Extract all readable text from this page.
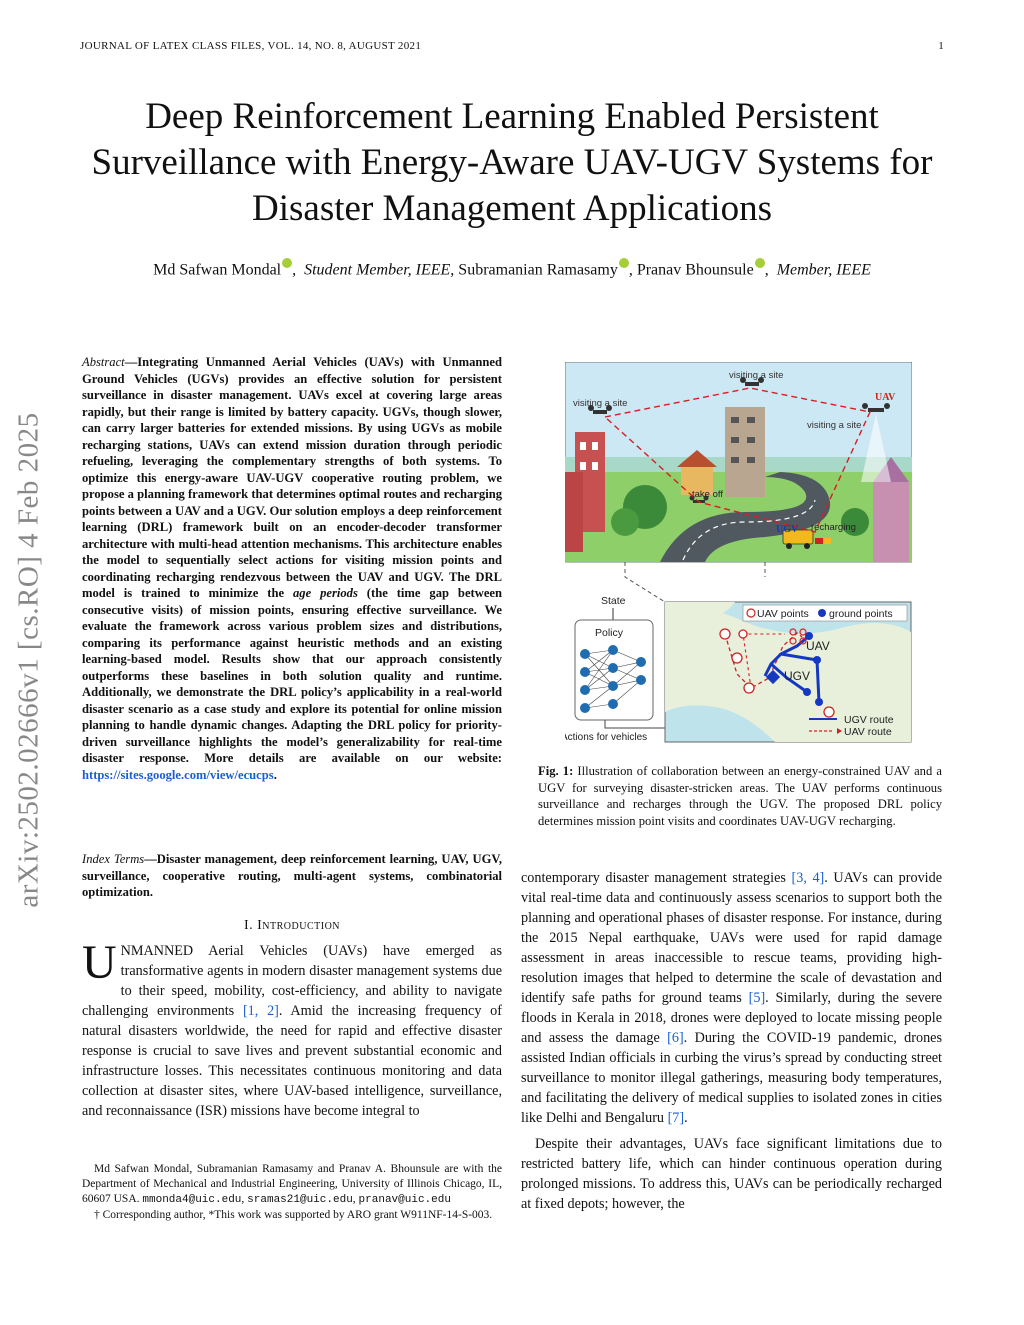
JOURNAL OF LATEX CLASS FILES, VOL. 14, NO. 8, AUGUST 2021	1
Deep Reinforcement Learning Enabled Persistent Surveillance with Energy-Aware UAV-UGV Systems for Disaster Management Applications
Md Safwan Mondal ,  Student Member, IEEE, Subramanian Ramasamy , Pranav Bhounsule ,  Member, IEEE
arXiv:2502.02666v1 [cs.RO] 4 Feb 2025
Abstract—Integrating Unmanned Aerial Vehicles (UAVs) with Unmanned Ground Vehicles (UGVs) provides an effective solution for persistent surveillance in disaster management. UAVs excel at covering large areas rapidly, but their range is limited by battery capacity. UGVs, though slower, can carry larger batteries for extended missions. By using UGVs as mobile recharging stations, UAVs can extend mission duration through periodic refueling, leveraging the complementary strengths of both systems. To optimize this energy-aware UAV-UGV cooperative routing problem, we propose a planning framework that determines optimal routes and recharging points between a UAV and a UGV. Our solution employs a deep reinforcement learning (DRL) framework built on an encoder-decoder transformer architecture with multi-head attention mechanisms. This architecture enables the model to sequentially select actions for visiting mission points and coordinating recharging rendezvous between the UAV and UGV. The DRL model is trained to minimize the age periods (the time gap between consecutive visits) of mission points, ensuring effective surveillance. We evaluate the framework across various problem sizes and distributions, comparing its performance against heuristic methods and an existing learning-based model. Results show that our approach consistently outperforms these baselines in both solution quality and runtime. Additionally, we demonstrate the DRL policy’s applicability in a real-world disaster scenario as a case study and explore its potential for online mission planning to handle dynamic changes. Adapting the DRL policy for priority-driven surveillance highlights the model’s generalizability for real-time disaster response. More details are available on our website: https://sites.google.com/view/ecucps.
Index Terms—Disaster management, deep reinforcement learning, UAV, UGV, surveillance, cooperative routing, multi-agent systems, combinatorial optimization.
I. Introduction
UNMANNED Aerial Vehicles (UAVs) have emerged as transformative agents in modern disaster management systems due to their speed, mobility, cost-efficiency, and ability to navigate challenging environments [1, 2]. Amid the increasing frequency of natural disasters worldwide, the need for rapid and effective disaster response is crucial to save lives and prevent substantial economic and infrastructure losses. This necessitates continuous monitoring and data collection at disaster sites, where UAV-based intelligence, surveillance, and reconnaissance (ISR) missions have become integral to
Md Safwan Mondal, Subramanian Ramasamy and Pranav A. Bhounsule are with the Department of Mechanical and Industrial Engineering, University of Illinois Chicago, IL, 60607 USA. mmonda4@uic.edu, sramas21@uic.edu, pranav@uic.edu
† Corresponding author, *This work was supported by ARO grant W911NF-14-S-003.
visiting a site
visiting a site
visiting a site
UAV
take off
UGV recharging
State
Policy
Actions for vehicles
UAV points ground points
UAV
UGV
UGV route
UAV route
Fig. 1: Illustration of collaboration between an energy-constrained UAV and a UGV for surveying disaster-stricken areas. The UAV performs continuous surveillance and recharges through the UGV. The proposed DRL policy determines mission point visits and coordinates UAV-UGV recharging.

contemporary disaster management strategies [3, 4]. UAVs can provide vital real-time data and continuously assess scenarios to support both the planning and operational phases of disaster response. For instance, during the 2015 Nepal earthquake, UAVs were used for rapid damage assessment in areas inaccessible to rescue teams, providing high-resolution images that helped to determine the scale of devastation and identify safe paths for ground teams [5]. Similarly, during the severe floods in Kerala in 2018, drones were deployed to locate missing people and assess the damage [6]. During the COVID-19 pandemic, drones assisted Indian officials in curbing the virus’s spread by conducting street surveillance to monitor illegal gatherings, measuring body temperatures, and facilitating the delivery of medical supplies to isolated zones in cities like Delhi and Bengaluru [7].

Despite their advantages, UAVs face significant limitations due to restricted battery life, which can hinder continuous operation during prolonged missions. To address this, UAVs can be periodically recharged at fixed depots; however, the
